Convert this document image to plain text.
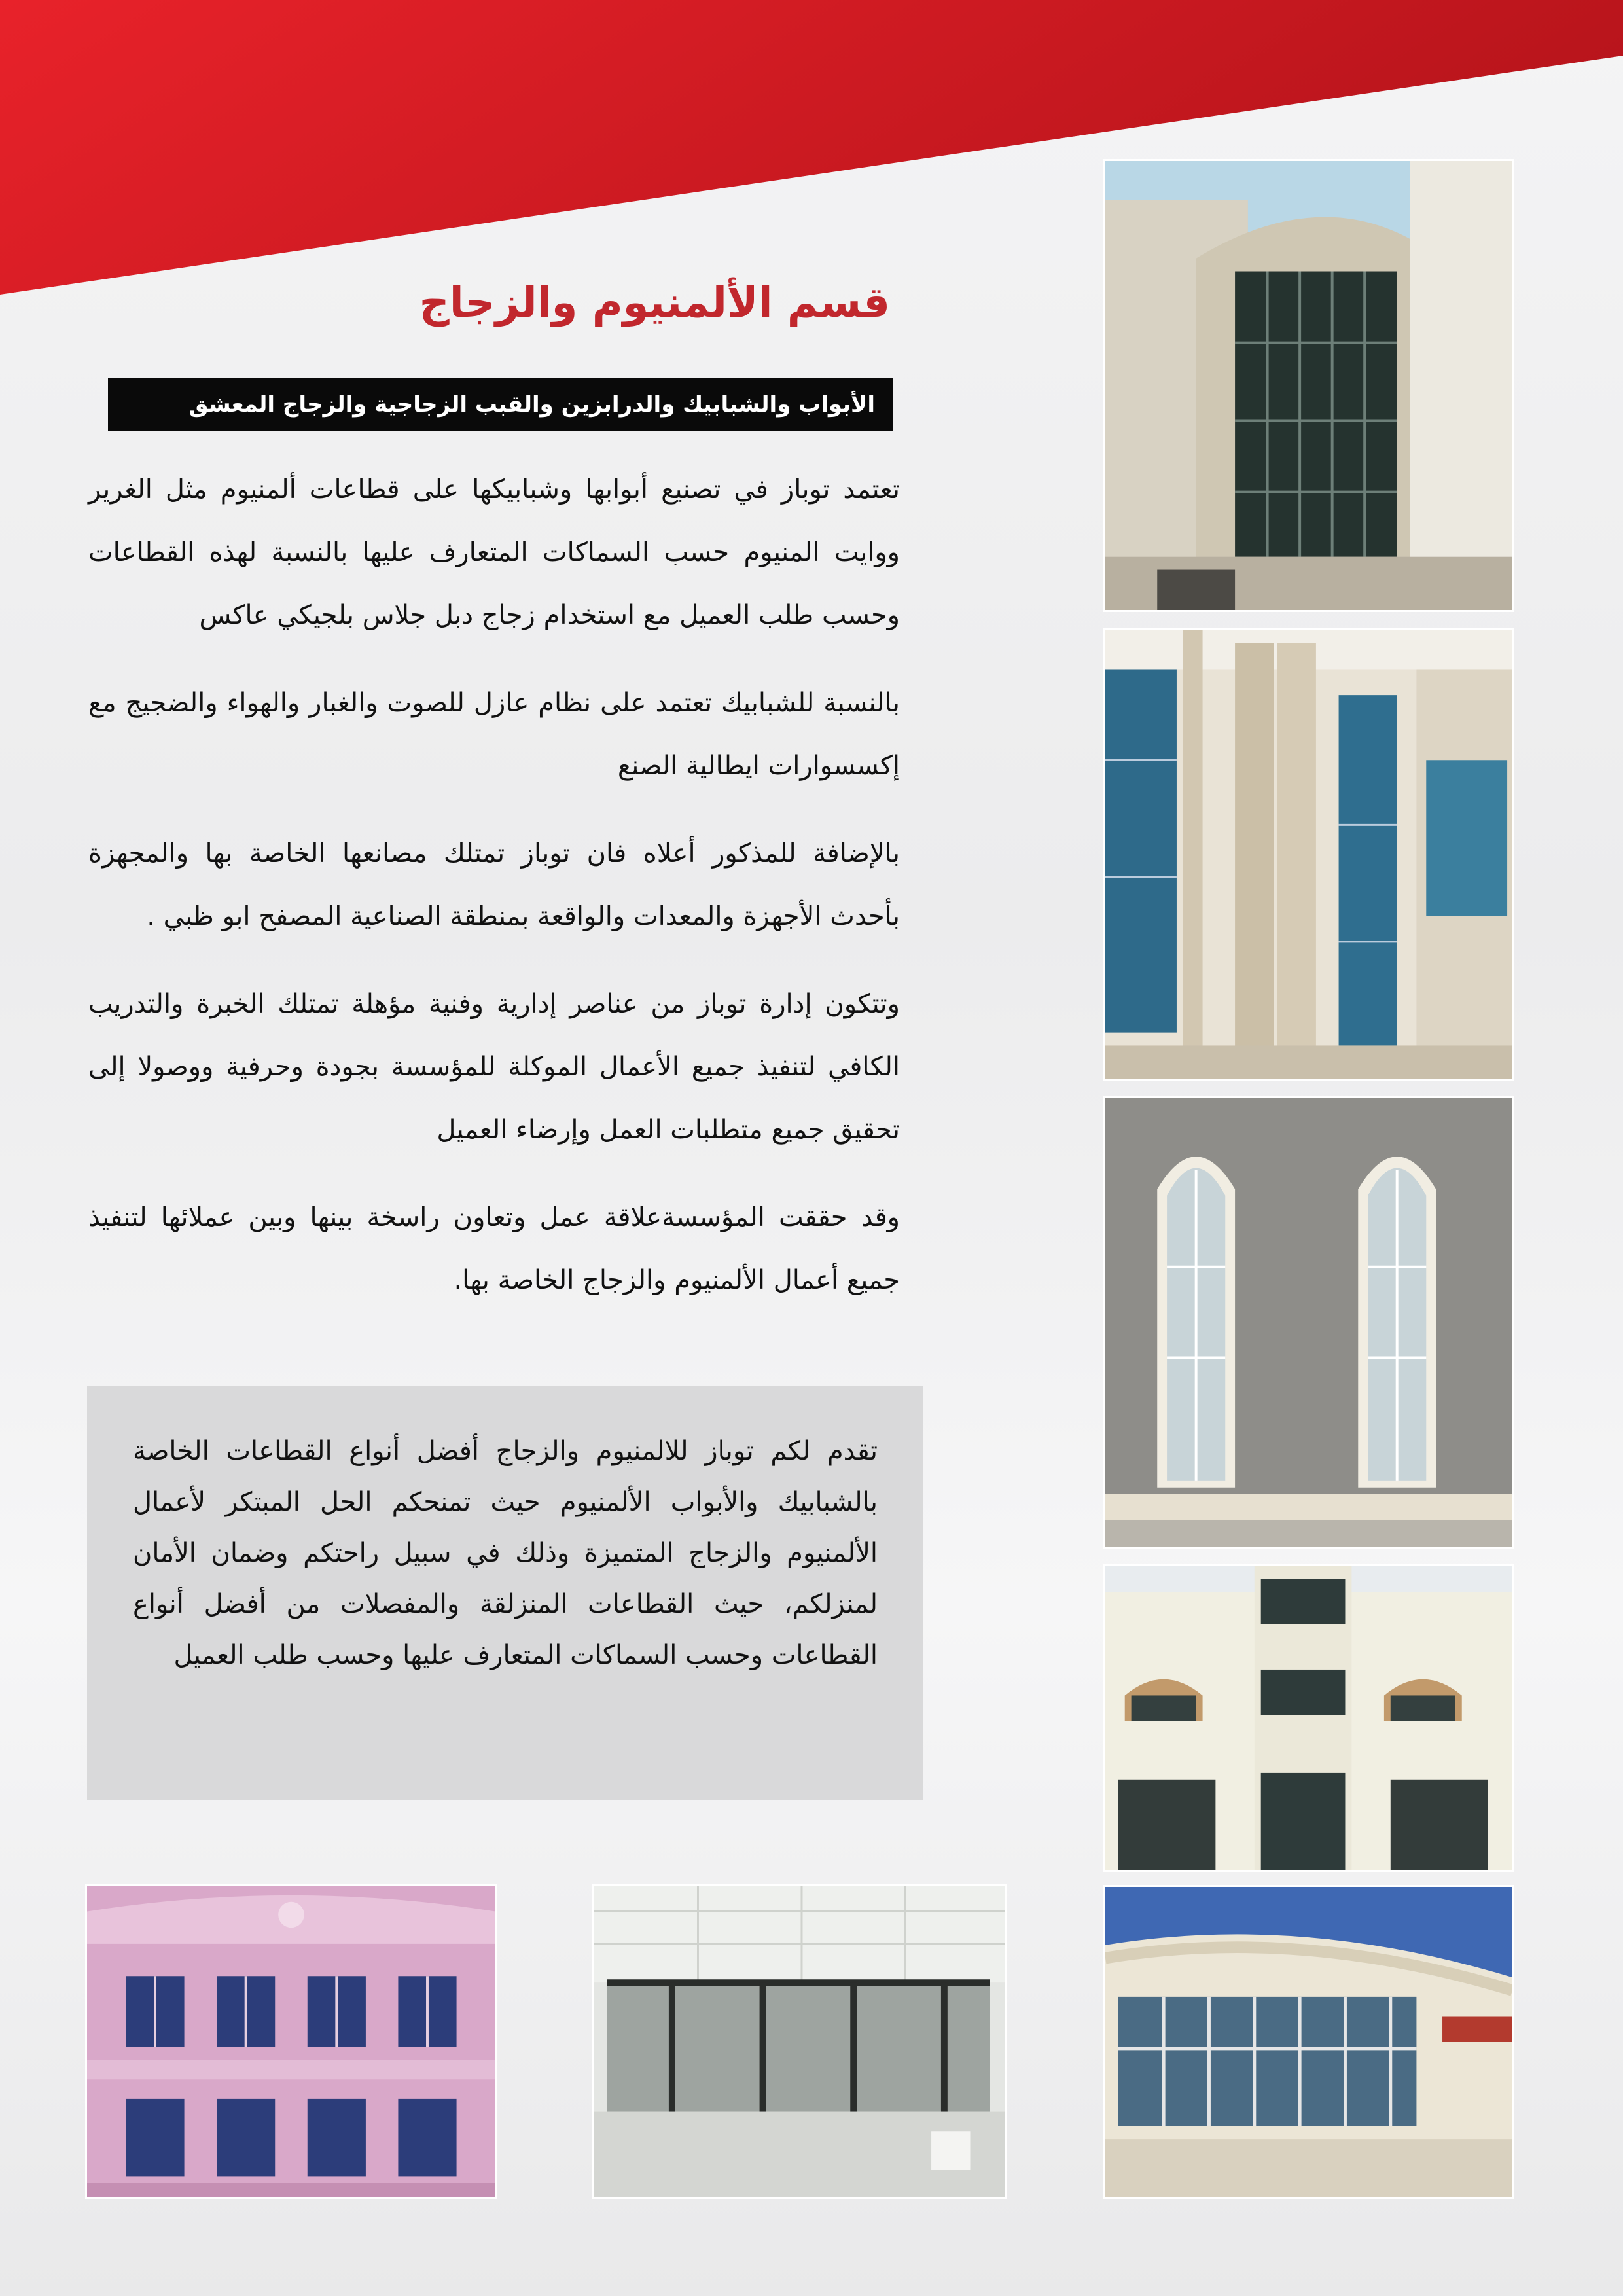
قسم الألمنيوم والزجاج
الأبواب والشبابيك والدرابزين والقبب الزجاجية والزجاج المعشق

تعتمد توباز في تصنيع أبوابها وشبابيكها على قطاعات ألمنيوم مثل الغرير ووايت المنيوم حسب السماكات المتعارف عليها بالنسبة لهذه القطاعات وحسب طلب العميل مع استخدام زجاج دبل جلاس بلجيكي عاكس

بالنسبة للشبابيك تعتمد على نظام عازل للصوت والغبار والهواء والضجيج مع إكسسوارات ايطالية الصنع

بالإضافة للمذكور أعلاه فان توباز تمتلك مصانعها الخاصة بها والمجهزة بأحدث الأجهزة والمعدات والواقعة بمنطقة الصناعية المصفح ابو ظبي .

وتتكون إدارة توباز من عناصر إدارية وفنية مؤهلة تمتلك الخبرة والتدريب الكافي لتنفيذ جميع الأعمال الموكلة للمؤسسة بجودة وحرفية ووصولا إلى تحقيق جميع متطلبات العمل وإرضاء العميل

وقد حققت المؤسسةعلاقة عمل وتعاون راسخة بينها وبين عملائها لتنفيذ جميع أعمال الألمنيوم والزجاج الخاصة بها.

تقدم لكم توباز للالمنيوم والزجاج أفضل أنواع القطاعات الخاصة بالشبابيك والأبواب الألمنيوم حيث تمنحكم الحل المبتكر لأعمال الألمنيوم والزجاج المتميزة وذلك في سبيل راحتكم وضمان الأمان لمنزلكم، حيث القطاعات المنزلقة والمفصلات من أفضل أنواع القطاعات وحسب السماكات المتعارف عليها وحسب طلب العميل
